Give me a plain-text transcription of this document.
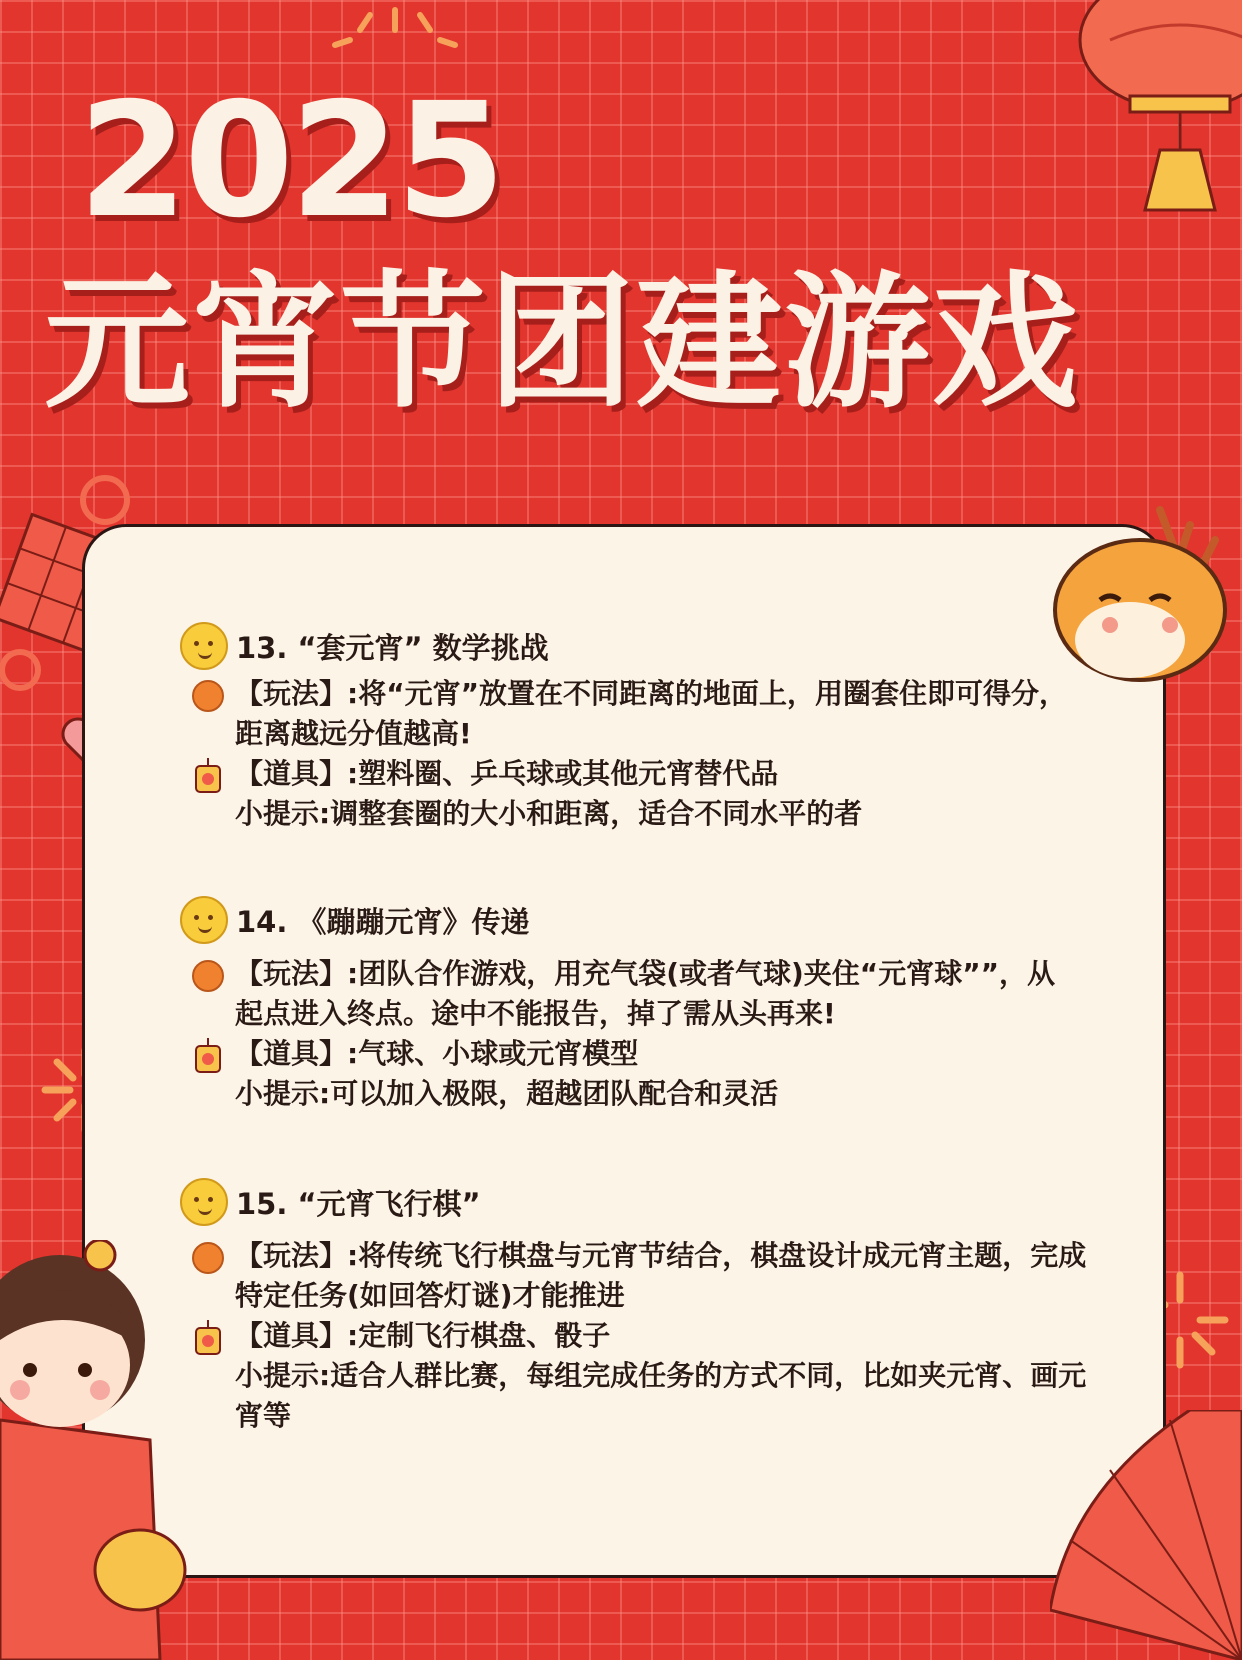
2025
元宵节团建游戏
13. “套元宵” 数学挑战
【玩法】:将“元宵”放置在不同距离的地面上，用圈套住即可得分，
距离越远分值越高!
【道具】:塑料圈、乒乓球或其他元宵替代品
小提示:调整套圈的大小和距离，适合不同水平的者
14. 《蹦蹦元宵》传递
【玩法】:团队合作游戏，用充气袋(或者气球)夹住“元宵球””，从
起点进入终点。途中不能报告，掉了需从头再来!
【道具】:气球、小球或元宵模型
小提示:可以加入极限，超越团队配合和灵活
15. “元宵飞行棋”
【玩法】:将传统飞行棋盘与元宵节结合，棋盘设计成元宵主题，完成
特定任务(如回答灯谜)才能推进
【道具】:定制飞行棋盘、骰子
小提示:适合人群比赛，每组完成任务的方式不同，比如夹元宵、画元
宵等
